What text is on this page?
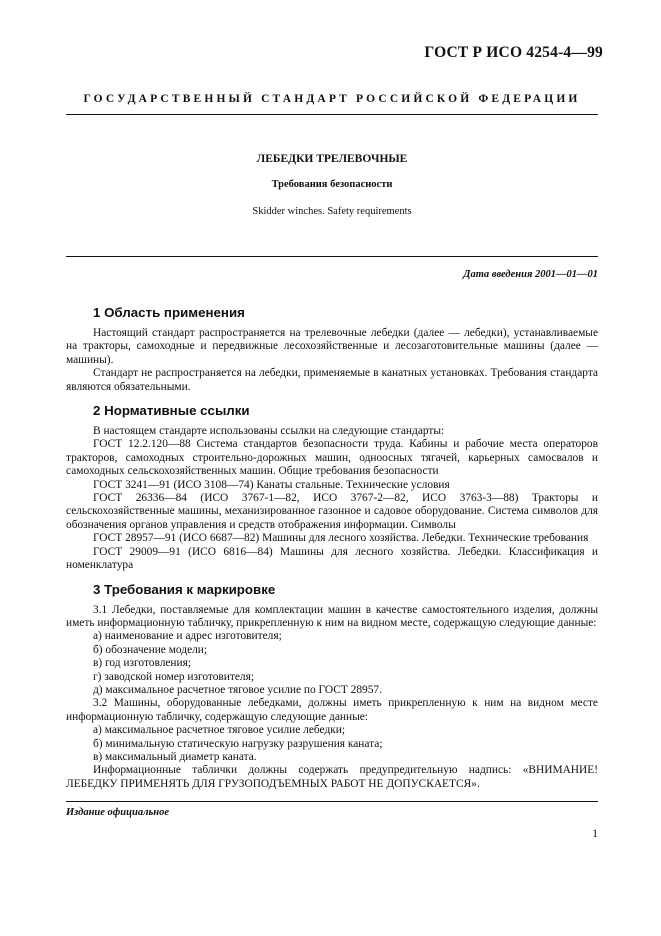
ГОСТ Р ИСО 4254-4—99
ГОСУДАРСТВЕННЫЙ СТАНДАРТ РОССИЙСКОЙ ФЕДЕРАЦИИ
ЛЕБЕДКИ ТРЕЛЕВОЧНЫЕ
Требования безопасности
Skidder winches. Safety requirements
Дата введения 2001—01—01
1 Область применения

Настоящий стандарт распространяется на трелевочные лебедки (далее — лебедки), устанавливаемые на тракторы, самоходные и передвижные лесохозяйственные и лесозаготовительные машины (далее — машины).

Стандарт не распространяется на лебедки, применяемые в канатных установках. Требования стандарта являются обязательными.

2 Нормативные ссылки

В настоящем стандарте использованы ссылки на следующие стандарты:

ГОСТ 12.2.120—88 Система стандартов безопасности труда. Кабины и рабочие места операторов тракторов, самоходных строительно-дорожных машин, одноосных тягачей, карьерных самосвалов и самоходных сельскохозяйственных машин. Общие требования безопасности

ГОСТ 3241—91 (ИСО 3108—74) Канаты стальные. Технические условия

ГОСТ 26336—84 (ИСО 3767-1—82, ИСО 3767-2—82, ИСО 3763-3—88) Тракторы и сельскохозяйственные машины, механизированное газонное и садовое оборудование. Система символов для обозначения органов управления и средств отображения информации. Символы

ГОСТ 28957—91 (ИСО 6687—82) Машины для лесного хозяйства. Лебедки. Технические требования

ГОСТ 29009—91 (ИСО 6816—84) Машины для лесного хозяйства. Лебедки. Классификация и номенклатура

3 Требования к маркировке

3.1 Лебедки, поставляемые для комплектации машин в качестве самостоятельного изделия, должны иметь информационную табличку, прикрепленную к ним на видном месте, содержащую следующие данные:

а) наименование и адрес изготовителя;

б) обозначение модели;

в) год изготовления;

г) заводской номер изготовителя;

д) максимальное расчетное тяговое усилие по ГОСТ 28957.

3.2 Машины, оборудованные лебедками, должны иметь прикрепленную к ним на видном месте информационную табличку, содержащую следующие данные:

а) максимальное расчетное тяговое усилие лебедки;

б) минимальную статическую нагрузку разрушения каната;

в) максимальный диаметр каната.

Информационные таблички должны содержать предупредительную надпись: «ВНИМАНИЕ! ЛЕБЕДКУ ПРИМЕНЯТЬ ДЛЯ ГРУЗОПОДЪЕМНЫХ РАБОТ НЕ ДОПУСКАЕТСЯ».

Издание официальное
1
